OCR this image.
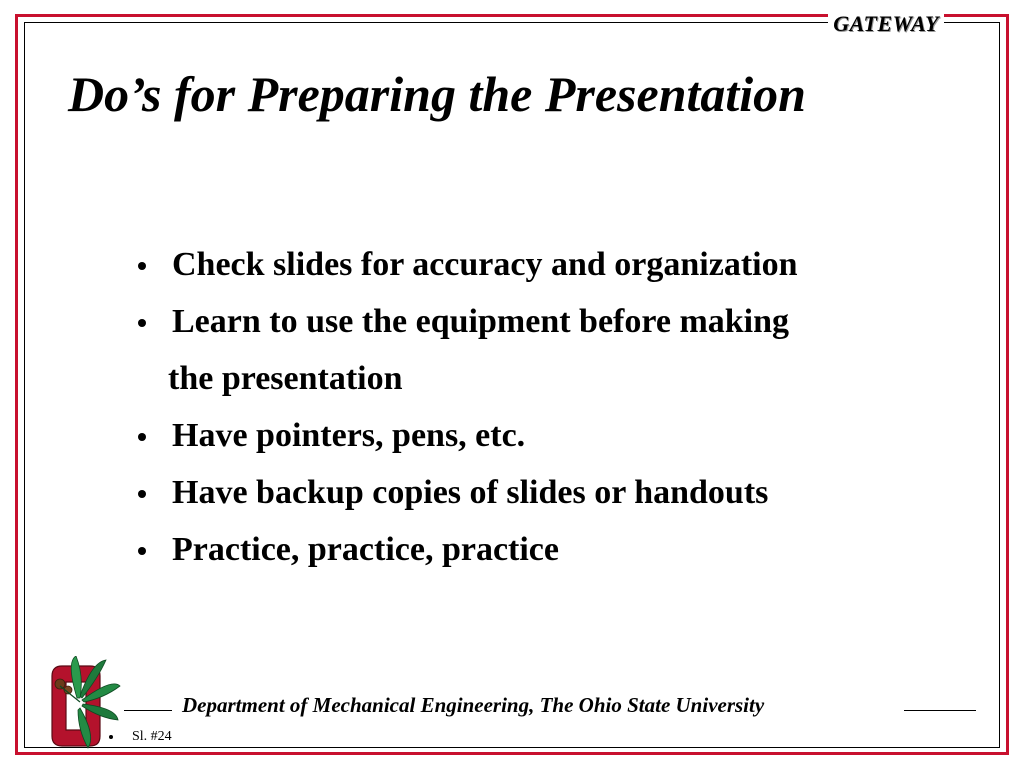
GATEWAY
Do’s for Preparing the Presentation
Check slides for accuracy and organization
Learn to use the equipment before making
the presentation
Have pointers, pens, etc.
Have backup copies of slides or handouts
Practice, practice, practice
Department of Mechanical Engineering, The Ohio State University
Sl. #24
